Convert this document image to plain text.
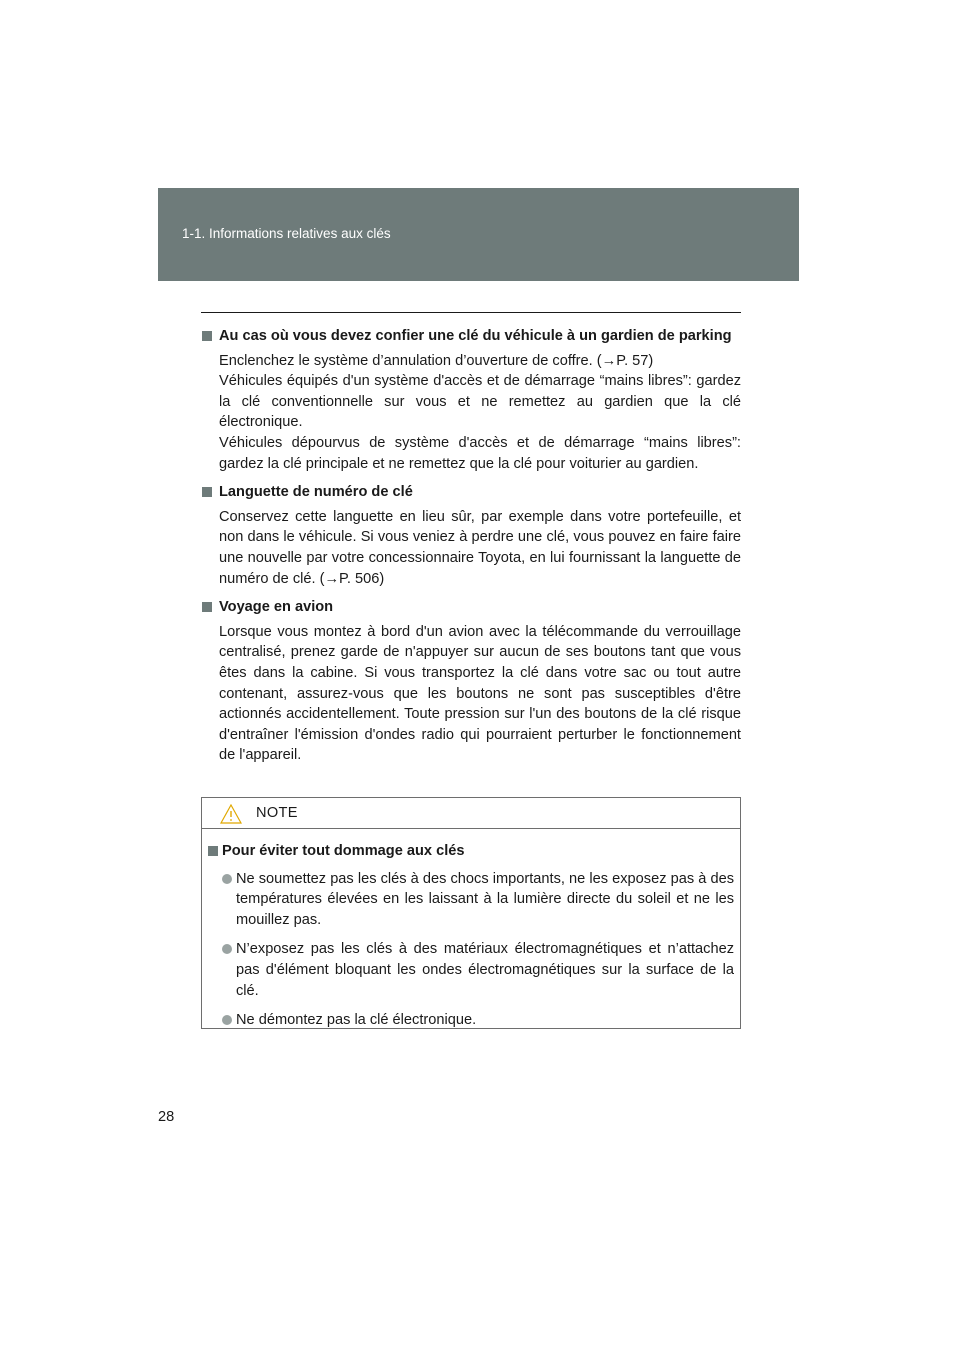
1-1. Informations relatives aux clés
Au cas où vous devez confier une clé du véhicule à un gardien de parking
Enclenchez le système d’annulation d’ouverture de coffre. (→P. 57)
Véhicules équipés d'un système d'accès et de démarrage “mains libres”: gardez la clé conventionnelle sur vous et ne remettez au gardien que la clé électronique.
Véhicules dépourvus de système d'accès et de démarrage “mains libres”: gardez la clé principale et ne remettez que la clé pour voiturier au gardien.
Languette de numéro de clé
Conservez cette languette en lieu sûr, par exemple dans votre portefeuille, et non dans le véhicule. Si vous veniez à perdre une clé, vous pouvez en faire faire une nouvelle par votre concessionnaire Toyota, en lui fournissant la languette de numéro de clé. (→P. 506)
Voyage en avion
Lorsque vous montez à bord d'un avion avec la télécommande du verrouillage centralisé, prenez garde de n'appuyer sur aucun de ses boutons tant que vous êtes dans la cabine. Si vous transportez la clé dans votre sac ou tout autre contenant, assurez-vous que les boutons ne sont pas susceptibles d'être actionnés accidentellement. Toute pression sur l'un des boutons de la clé risque d'entraîner l'émission d'ondes radio qui pourraient perturber le fonctionnement de l'appareil.
NOTE
Pour éviter tout dommage aux clés
Ne soumettez pas les clés à des chocs importants, ne les exposez pas à des températures élevées en les laissant à la lumière directe du soleil et ne les mouillez pas.
N’exposez pas les clés à des matériaux électromagnétiques et n’attachez pas d'élément bloquant les ondes électromagnétiques sur la surface de la clé.
Ne démontez pas la clé électronique.
28
